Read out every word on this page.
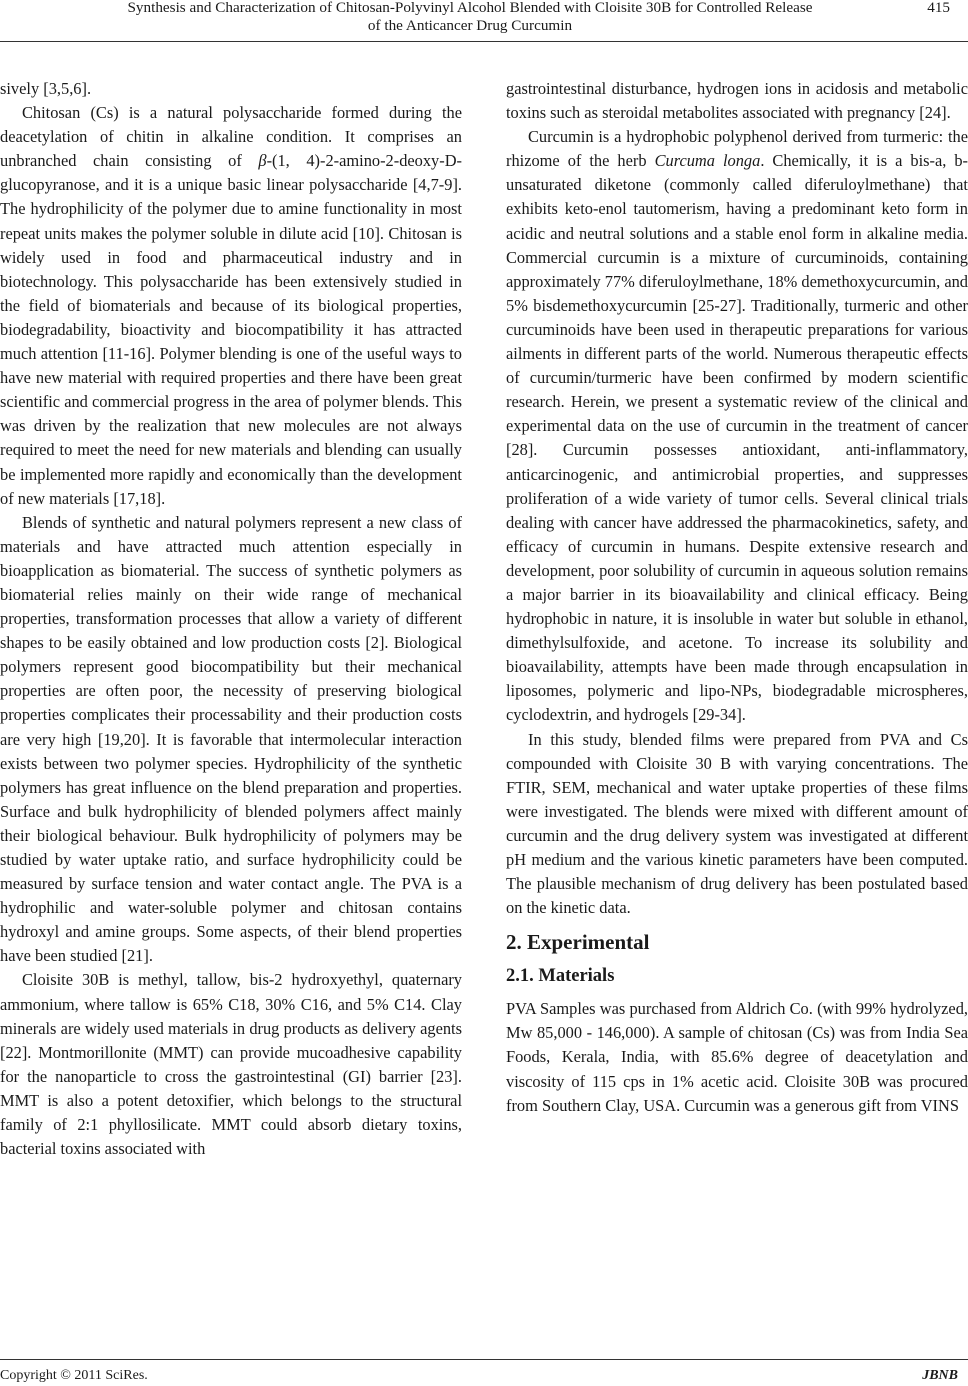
Synthesis and Characterization of Chitosan-Polyvinyl Alcohol Blended with Cloisite 30B for Controlled Release
of the Anticancer Drug Curcumin
415

sively [3,5,6].

Chitosan (Cs) is a natural polysaccharide formed during the deacetylation of chitin in alkaline condition. It comprises an unbranched chain consisting of β-(1, 4)-2-amino-2-deoxy-D-glucopyranose, and it is a unique basic linear polysaccharide [4,7-9]. The hydrophilicity of the polymer due to amine functionality in most repeat units makes the polymer soluble in dilute acid [10]. Chitosan is widely used in food and pharmaceutical industry and in biotechnology. This polysaccharide has been extensively studied in the field of biomaterials and because of its biological properties, biodegradability, bioactivity and biocompatibility it has attracted much attention [11-16]. Polymer blending is one of the useful ways to have new material with required properties and there have been great scientific and commercial progress in the area of polymer blends. This was driven by the realization that new molecules are not always required to meet the need for new materials and blending can usually be implemented more rapidly and economically than the development of new materials [17,18].

Blends of synthetic and natural polymers represent a new class of materials and have attracted much attention especially in bioapplication as biomaterial. The success of synthetic polymers as biomaterial relies mainly on their wide range of mechanical properties, transformation processes that allow a variety of different shapes to be easily obtained and low production costs [2]. Biological polymers represent good biocompatibility but their mechanical properties are often poor, the necessity of preserving biological properties complicates their processability and their production costs are very high [19,20]. It is favorable that intermolecular interaction exists between two polymer species. Hydrophilicity of the synthetic polymers has great influence on the blend preparation and properties. Surface and bulk hydrophilicity of blended polymers affect mainly their biological behaviour. Bulk hydrophilicity of polymers may be studied by water uptake ratio, and surface hydrophilicity could be measured by surface tension and water contact angle. The PVA is a hydrophilic and water-soluble polymer and chitosan contains hydroxyl and amine groups. Some aspects, of their blend properties have been studied [21].

Cloisite 30B is methyl, tallow, bis-2 hydroxyethyl, quaternary ammonium, where tallow is 65% C18, 30% C16, and 5% C14. Clay minerals are widely used materials in drug products as delivery agents [22]. Montmorillonite (MMT) can provide mucoadhesive capability for the nanoparticle to cross the gastrointestinal (GI) barrier [23]. MMT is also a potent detoxifier, which belongs to the structural family of 2:1 phyllosilicate. MMT could absorb dietary toxins, bacterial toxins associated with

gastrointestinal disturbance, hydrogen ions in acidosis and metabolic toxins such as steroidal metabolites associated with pregnancy [24].

Curcumin is a hydrophobic polyphenol derived from turmeric: the rhizome of the herb Curcuma longa. Chemically, it is a bis-a, b-unsaturated diketone (commonly called diferuloylmethane) that exhibits keto-enol tautomerism, having a predominant keto form in acidic and neutral solutions and a stable enol form in alkaline media. Commercial curcumin is a mixture of curcuminoids, containing approximately 77% diferuloylmethane, 18% demethoxycurcumin, and 5% bisdemethoxycurcumin [25-27]. Traditionally, turmeric and other curcuminoids have been used in therapeutic preparations for various ailments in different parts of the world. Numerous therapeutic effects of curcumin/turmeric have been confirmed by modern scientific research. Herein, we present a systematic review of the clinical and experimental data on the use of curcumin in the treatment of cancer [28]. Curcumin possesses antioxidant, anti-inflammatory, anticarcinogenic, and antimicrobial properties, and suppresses proliferation of a wide variety of tumor cells. Several clinical trials dealing with cancer have addressed the pharmacokinetics, safety, and efficacy of curcumin in humans. Despite extensive research and development, poor solubility of curcumin in aqueous solution remains a major barrier in its bioavailability and clinical efficacy. Being hydrophobic in nature, it is insoluble in water but soluble in ethanol, dimethylsulfoxide, and acetone. To increase its solubility and bioavailability, attempts have been made through encapsulation in liposomes, polymeric and lipo-NPs, biodegradable microspheres, cyclodextrin, and hydrogels [29-34].

In this study, blended films were prepared from PVA and Cs compounded with Cloisite 30 B with varying concentrations. The FTIR, SEM, mechanical and water uptake properties of these films were investigated. The blends were mixed with different amount of curcumin and the drug delivery system was investigated at different pH medium and the various kinetic parameters have been computed. The plausible mechanism of drug delivery has been postulated based on the kinetic data.

2. Experimental
2.1. Materials

PVA Samples was purchased from Aldrich Co. (with 99% hydrolyzed, Mw 85,000 - 146,000). A sample of chitosan (Cs) was from India Sea Foods, Kerala, India, with 85.6% degree of deacetylation and viscosity of 115 cps in 1% acetic acid. Cloisite 30B was procured from Southern Clay, USA. Curcumin was a generous gift from VINS

Copyright © 2011 SciRes.	JBNB
